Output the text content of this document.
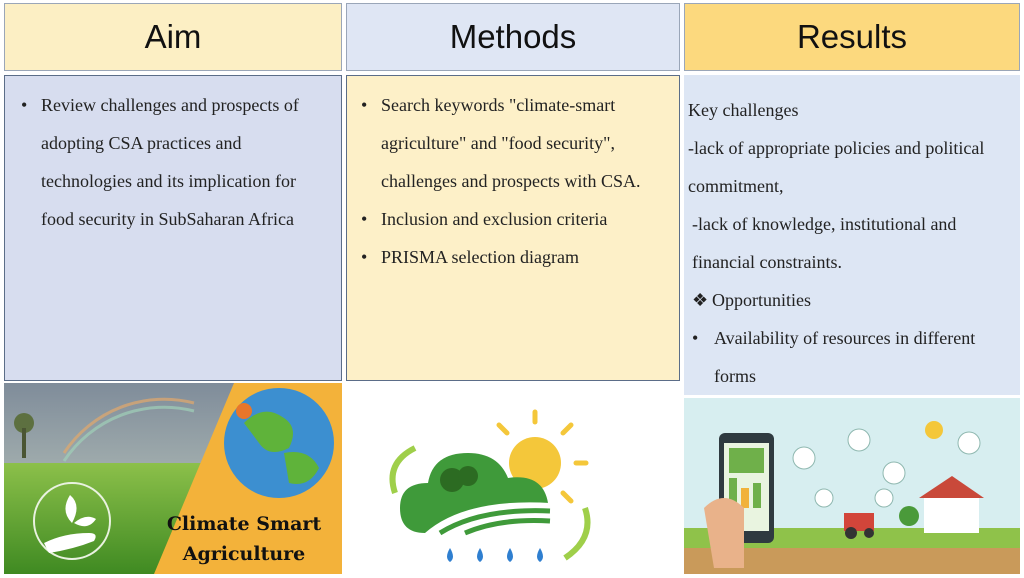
Aim	Methods	Results
• Review challenges and prospects of adopting CSA practices and technologies and its implication for food security in SubSaharan Africa
• Search keywords "climate-smart agriculture" and "food security", challenges and prospects with CSA.
• Inclusion and exclusion criteria
• PRISMA selection diagram
Key challenges
-lack of appropriate policies and political commitment,
-lack of knowledge, institutional and financial constraints.
❖ Opportunities
• Availability of resources in different forms
Climate Smart Agriculture
